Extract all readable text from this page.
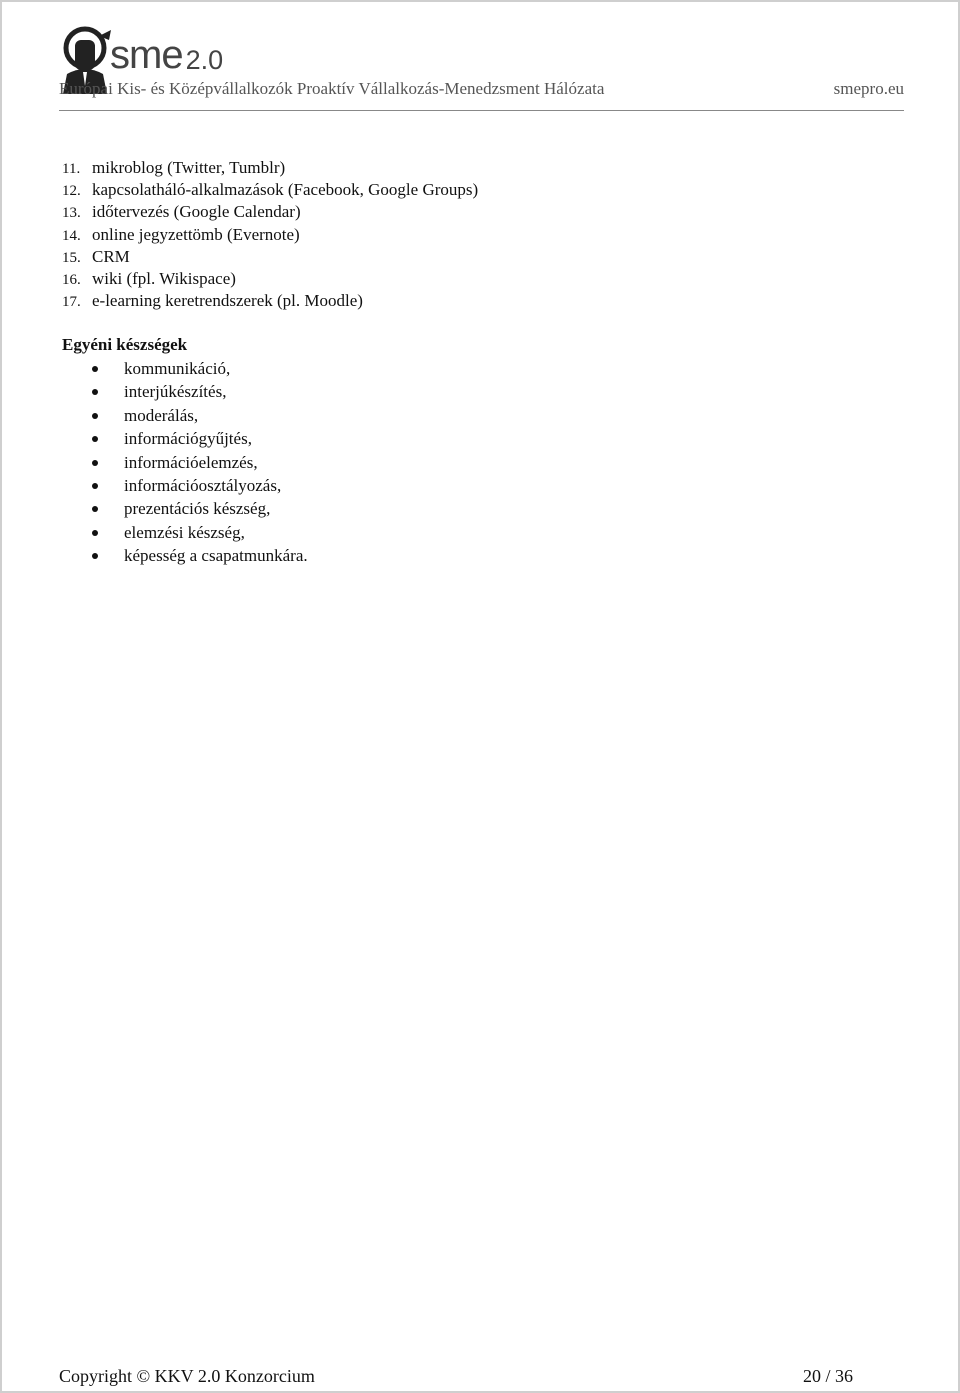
sme 2.0
Európai Kis- és Középvállalkozók Proaktív Vállalkozás-Menedzsment Hálózata	smepro.eu
11. mikroblog (Twitter, Tumblr)
12. kapcsolatháló-alkalmazások (Facebook, Google Groups)
13. időtervezés (Google Calendar)
14. online jegyzettömb (Evernote)
15. CRM
16. wiki (fpl. Wikispace)
17. e-learning keretrendszerek (pl. Moodle)
Egyéni készségek
kommunikáció,
interjúkészítés,
moderálás,
információgyűjtés,
információelemzés,
információosztályozás,
prezentációs készség,
elemzési készség,
képesség a csapatmunkára.
Copyright © KKV 2.0 Konzorcium	20 / 36
